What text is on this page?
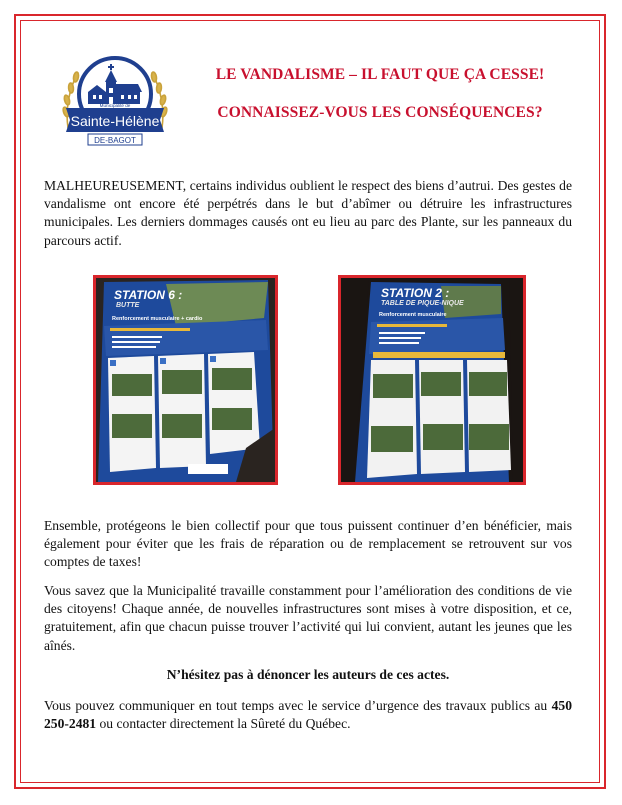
Municipalité de
Sainte-Hélène
DE-BAGOT
LE VANDALISME – IL FAUT QUE ÇA CESSE!
CONNAISSEZ-VOUS LES CONSÉQUENCES?
MALHEUREUSEMENT, certains individus oublient le respect des biens d’autrui. Des gestes de vandalisme ont encore été perpétrés dans le but d’abîmer ou détruire les infrastructures municipales. Les derniers dommages causés ont eu lieu au parc des Plante, sur les panneaux du parcours actif.
STATION 6 :
BUTTE
Renforcement musculaire + cardio
STATION 2 :
TABLE DE PIQUE-NIQUE
Renforcement musculaire
Ensemble, protégeons le bien collectif pour que tous puissent continuer d’en bénéficier, mais également pour éviter que les frais de réparation ou de remplacement se retrouvent sur vos comptes de taxes!
Vous savez que la Municipalité travaille constamment pour l’amélioration des conditions de vie des citoyens! Chaque année, de nouvelles infrastructures sont mises à votre disposition, et ce, gratuitement, afin que chacun puisse trouver l’activité qui lui convient, autant les jeunes que les aînés.
N’hésitez pas à dénoncer les auteurs de ces actes.
Vous pouvez communiquer en tout temps avec le service d’urgence des travaux publics au 450 250-2481 ou contacter directement la Sûreté du Québec.
